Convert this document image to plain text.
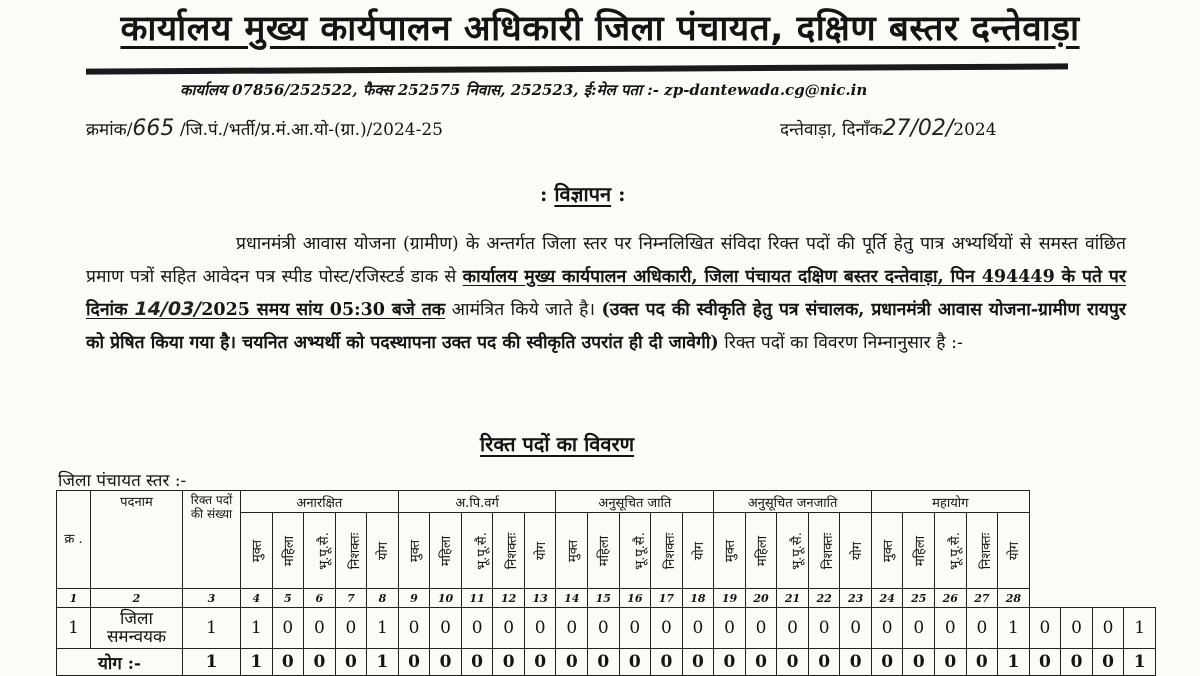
कार्यालय मुख्य कार्यपालन अधिकारी जिला पंचायत, दक्षिण बस्तर दन्तेवाड़ा
कार्यालय 07856/252522, फैक्स 252575 निवास, 252523, ई:मेल पता :- zp-dantewada.cg@nic.in
क्रमांक/665 /जि.पं./भर्ती/प्र.मं.आ.यो-(ग्रा.)/2024-25	दन्तेवाड़ा, दिनाँक27/02/2024
: विज्ञापन :
प्रधानमंत्री आवास योजना (ग्रामीण) के अन्तर्गत जिला स्तर पर निम्नलिखित संविदा रिक्त पदों की पूर्ति हेतु पात्र अभ्यर्थियों से समस्त वांछित प्रमाण पत्रों सहित आवेदन पत्र स्पीड पोस्ट/रजिस्टर्ड डाक से कार्यालय मुख्य कार्यपालन अधिकारी, जिला पंचायत दक्षिण बस्तर दन्तेवाड़ा, पिन 494449 के पते पर दिनांक 14/03/2025 समय सांय 05:30 बजे तक आमंत्रित किये जाते है। (उक्त पद की स्वीकृति हेतु पत्र संचालक, प्रधानमंत्री आवास योजना-ग्रामीण रायपुर को प्रेषित किया गया है। चयनित अभ्यर्थी को पदस्थापना उक्त पद की स्वीकृति उपरांत ही दी जावेगी) रिक्त पदों का विवरण निम्नानुसार है :-
रिक्त पदों का विवरण
जिला पंचायत स्तर :-
क्र .	पदनाम	रिक्त पदों की संख्या	अनारक्षित					अ.पि.वर्ग					अनुसूचित जाति					अनुसूचित जनजाति					महायोग								
			मुक्त	महिला	भू.पू.सै.	निशक्तः	योग	मुक्त	महिला	भू.पू.सै.	निशक्तः	योग	मुक्त	महिला	भू.पू.सै.	निशक्तः	योग	मुक्त	महिला	भू.पू.सै.	निशक्तः	योग	मुक्त	महिला	भू.पू.सै.	निशक्तः	योग				
1	2	3	4	5	6	7	8	9	10	11	12	13	14	15	16	17	18	19	20	21	22	23	24	25	26	27	28				
1	जिला समन्वयक	1	1	0	0	0	1	0	0	0	0	0	0	0	0	0	0	0	0	0	0	0	0	0	0	0	1	0	0	0	1
योग :-		1	1	0	0	0	1	0	0	0	0	0	0	0	0	0	0	0	0	0	0	0	0	0	0	0	1	0	0	0	1
